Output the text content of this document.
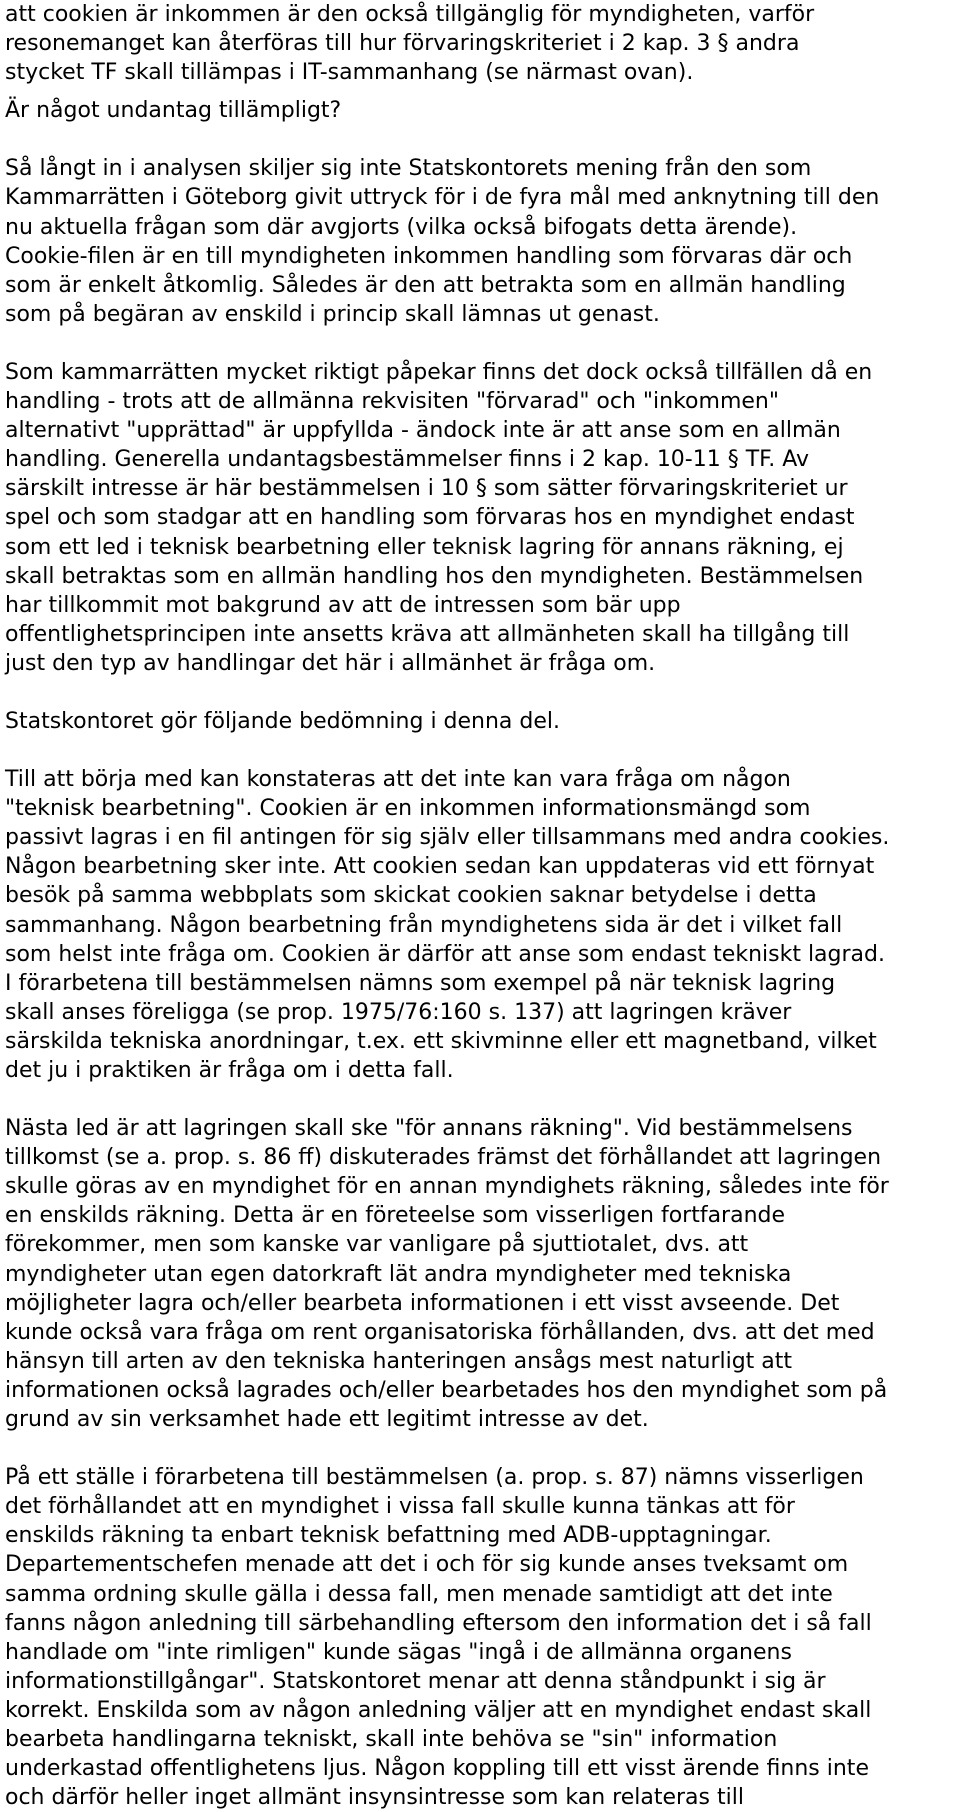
att cookien är inkommen är den också tillgänglig för myndigheten, varför
resonemanget kan återföras till hur förvaringskriteriet i 2 kap. 3 § andra
stycket TF skall tillämpas i IT-sammanhang (se närmast ovan).
Är något undantag tillämpligt?
Så långt in i analysen skiljer sig inte Statskontorets mening från den som
Kammarrätten i Göteborg givit uttryck för i de fyra mål med anknytning till den
nu aktuella frågan som där avgjorts (vilka också bifogats detta ärende).
Cookie-filen är en till myndigheten inkommen handling som förvaras där och
som är enkelt åtkomlig. Således är den att betrakta som en allmän handling
som på begäran av enskild i princip skall lämnas ut genast.
Som kammarrätten mycket riktigt påpekar finns det dock också tillfällen då en
handling - trots att de allmänna rekvisiten "förvarad" och "inkommen"
alternativt "upprättad" är uppfyllda - ändock inte är att anse som en allmän
handling. Generella undantagsbestämmelser finns i 2 kap. 10-11 § TF. Av
särskilt intresse är här bestämmelsen i 10 § som sätter förvaringskriteriet ur
spel och som stadgar att en handling som förvaras hos en myndighet endast
som ett led i teknisk bearbetning eller teknisk lagring för annans räkning, ej
skall betraktas som en allmän handling hos den myndigheten. Bestämmelsen
har tillkommit mot bakgrund av att de intressen som bär upp
offentlighetsprincipen inte ansetts kräva att allmänheten skall ha tillgång till
just den typ av handlingar det här i allmänhet är fråga om.
Statskontoret gör följande bedömning i denna del.
Till att börja med kan konstateras att det inte kan vara fråga om någon
"teknisk bearbetning". Cookien är en inkommen informationsmängd som
passivt lagras i en fil antingen för sig själv eller tillsammans med andra cookies.
Någon bearbetning sker inte. Att cookien sedan kan uppdateras vid ett förnyat
besök på samma webbplats som skickat cookien saknar betydelse i detta
sammanhang. Någon bearbetning från myndighetens sida är det i vilket fall
som helst inte fråga om. Cookien är därför att anse som endast tekniskt lagrad.
I förarbetena till bestämmelsen nämns som exempel på när teknisk lagring
skall anses föreligga (se prop. 1975/76:160 s. 137) att lagringen kräver
särskilda tekniska anordningar, t.ex. ett skivminne eller ett magnetband, vilket
det ju i praktiken är fråga om i detta fall.
Nästa led är att lagringen skall ske "för annans räkning". Vid bestämmelsens
tillkomst (se a. prop. s. 86 ff) diskuterades främst det förhållandet att lagringen
skulle göras av en myndighet för en annan myndighets räkning, således inte för
en enskilds räkning. Detta är en företeelse som visserligen fortfarande
förekommer, men som kanske var vanligare på sjuttiotalet, dvs. att
myndigheter utan egen datorkraft lät andra myndigheter med tekniska
möjligheter lagra och/eller bearbeta informationen i ett visst avseende. Det
kunde också vara fråga om rent organisatoriska förhållanden, dvs. att det med
hänsyn till arten av den tekniska hanteringen ansågs mest naturligt att
informationen också lagrades och/eller bearbetades hos den myndighet som på
grund av sin verksamhet hade ett legitimt intresse av det.
På ett ställe i förarbetena till bestämmelsen (a. prop. s. 87) nämns visserligen
det förhållandet att en myndighet i vissa fall skulle kunna tänkas att för
enskilds räkning ta enbart teknisk befattning med ADB-upptagningar.
Departementschefen menade att det i och för sig kunde anses tveksamt om
samma ordning skulle gälla i dessa fall, men menade samtidigt att det inte
fanns någon anledning till särbehandling eftersom den information det i så fall
handlade om "inte rimligen" kunde sägas "ingå i de allmänna organens
informationstillgångar". Statskontoret menar att denna ståndpunkt i sig är
korrekt. Enskilda som av någon anledning väljer att en myndighet endast skall
bearbeta handlingarna tekniskt, skall inte behöva se "sin" information
underkastad offentlighetens ljus. Någon koppling till ett visst ärende finns inte
och därför heller inget allmänt insynsintresse som kan relateras till
